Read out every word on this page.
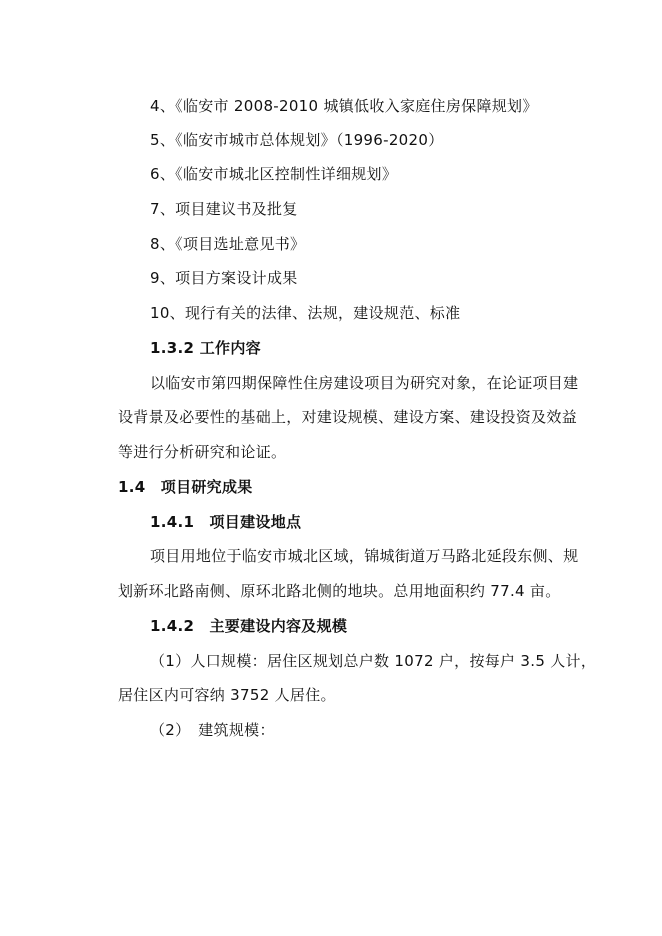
4、《临安市 2008-2010 城镇低收入家庭住房保障规划》
5、《临安市城市总体规划》（1996-2020）
6、《临安市城北区控制性详细规划》
7、项目建议书及批复
8、《项目选址意见书》
9、项目方案设计成果
10、现行有关的法律、法规，建设规范、标准
1.3.2 工作内容
以临安市第四期保障性住房建设项目为研究对象，在论证项目建
设背景及必要性的基础上，对建设规模、建设方案、建设投资及效益
等进行分析研究和论证。
1.4　项目研究成果
1.4.1　项目建设地点
项目用地位于临安市城北区域，锦城街道万马路北延段东侧、规
划新环北路南侧、原环北路北侧的地块。总用地面积约 77.4 亩。
1.4.2　主要建设内容及规模
（1）人口规模：居住区规划总户数 1072 户，按每户 3.5 人计，
居住区内可容纳 3752 人居住。
（2）　建筑规模：
